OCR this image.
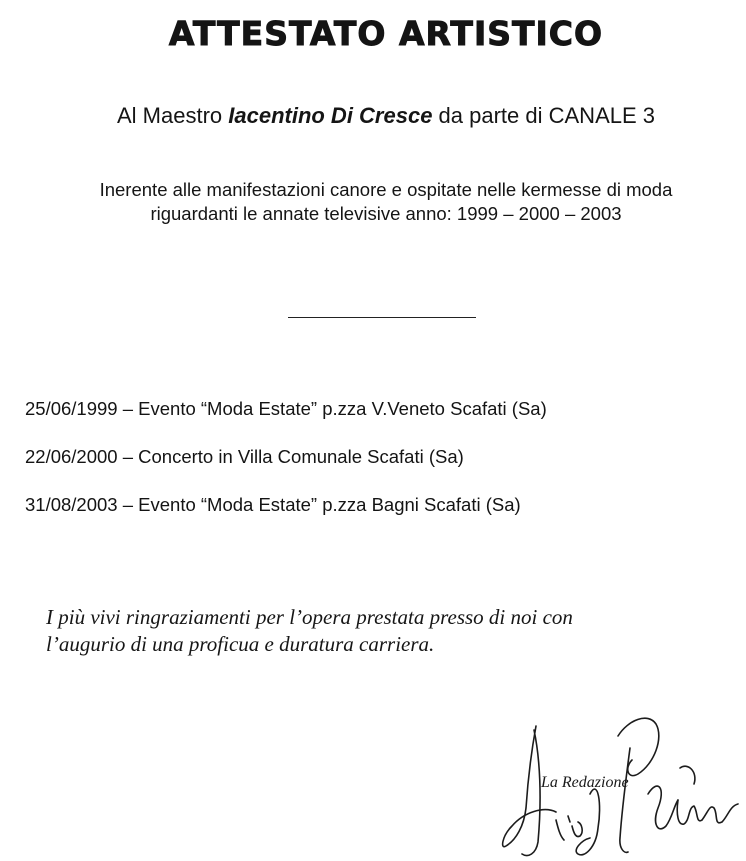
ATTESTATO ARTISTICO
Al Maestro Iacentino Di Cresce da parte di CANALE 3
Inerente alle manifestazioni canore e ospitate nelle kermesse di moda
riguardanti le annate televisive anno: 1999 – 2000 – 2003
25/06/1999 – Evento “Moda Estate” p.zza V.Veneto Scafati (Sa)
22/06/2000 – Concerto in Villa Comunale Scafati (Sa)
31/08/2003 – Evento “Moda Estate” p.zza Bagni Scafati (Sa)

I più vivi ringraziamenti per l’opera prestata presso di noi con

l’augurio di una proficua e duratura carriera.

La Redazione
